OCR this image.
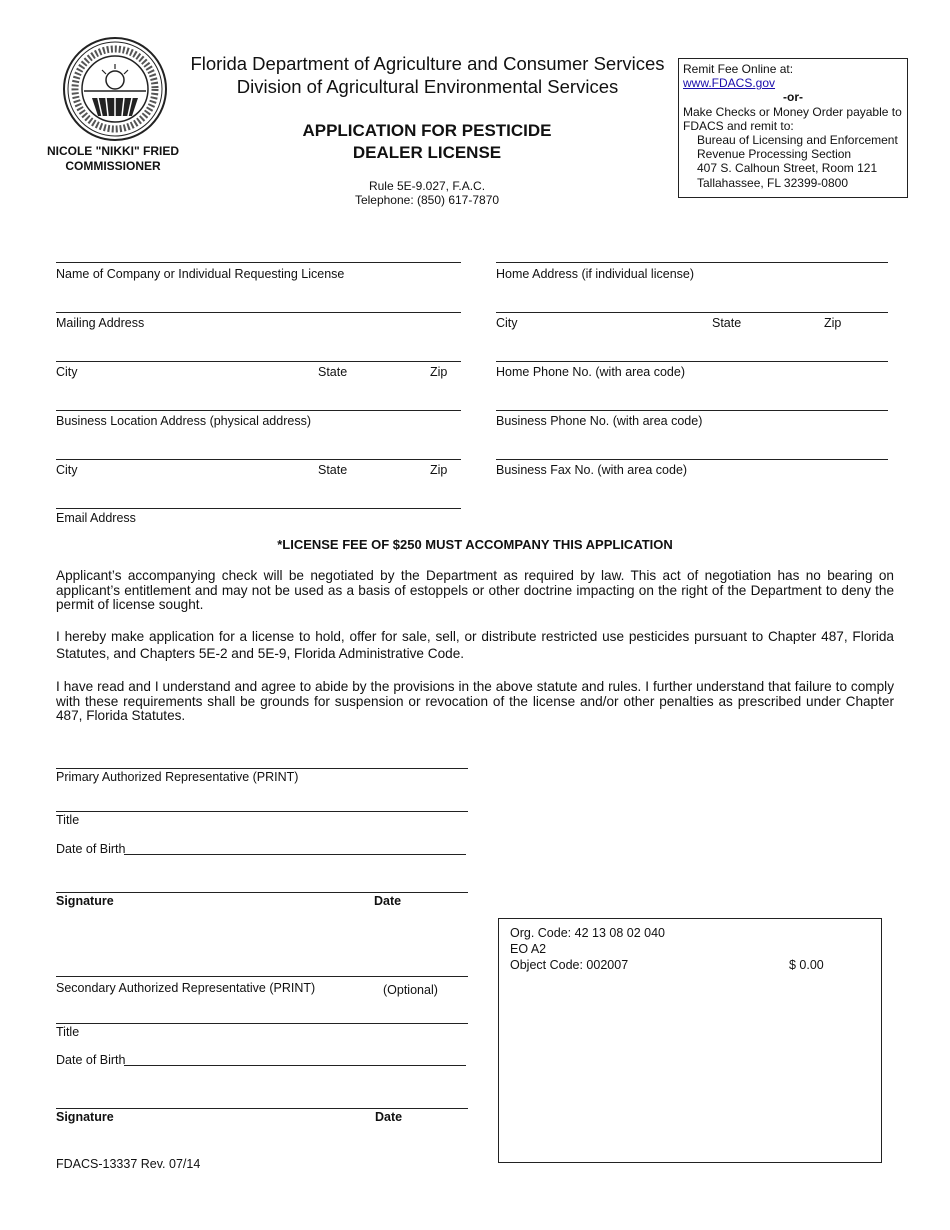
NICOLE "NIKKI" FRIED
COMMISSIONER
Florida Department of Agriculture and Consumer Services
Division of Agricultural Environmental Services
APPLICATION FOR PESTICIDE
DEALER LICENSE
Rule 5E-9.027, F.A.C.
Telephone: (850) 617-7870
Remit Fee Online at:
www.FDACS.gov
-or-
Make Checks or Money Order payable to
FDACS and remit to:
Bureau of Licensing and Enforcement
Revenue Processing Section
407 S. Calhoun Street, Room 121
Tallahassee, FL 32399-0800
Name of Company or Individual Requesting License
Mailing Address
City	State	Zip
Business Location Address (physical address)
City	State	Zip
Email Address
Home Address (if individual license)
City	State	Zip
Home Phone No. (with area code)
Business Phone No. (with area code)
Business Fax No. (with area code)
*LICENSE FEE OF $250 MUST ACCOMPANY THIS APPLICATION
Applicant’s accompanying check will be negotiated by the Department as required by law. This act of negotiation has no bearing on applicant’s entitlement and may not be used as a basis of estoppels or other doctrine impacting on the right of the Department to deny the permit of license sought.
I hereby make application for a license to hold, offer for sale, sell, or distribute restricted use pesticides pursuant to Chapter 487, Florida Statutes, and Chapters 5E-2 and 5E-9, Florida Administrative Code.
I have read and I understand and agree to abide by the provisions in the above statute and rules. I further understand that failure to comply with these requirements shall be grounds for suspension or revocation of the license and/or other penalties as prescribed under Chapter 487, Florida Statutes.
Primary Authorized Representative (PRINT)
Title
Date of Birth
Signature	Date
Secondary Authorized Representative (PRINT)	(Optional)
Title
Date of Birth
Signature	Date
Org. Code: 42 13 08 02 040
EO A2
Object Code: 002007	$ 0.00
FDACS-13337 Rev. 07/14
